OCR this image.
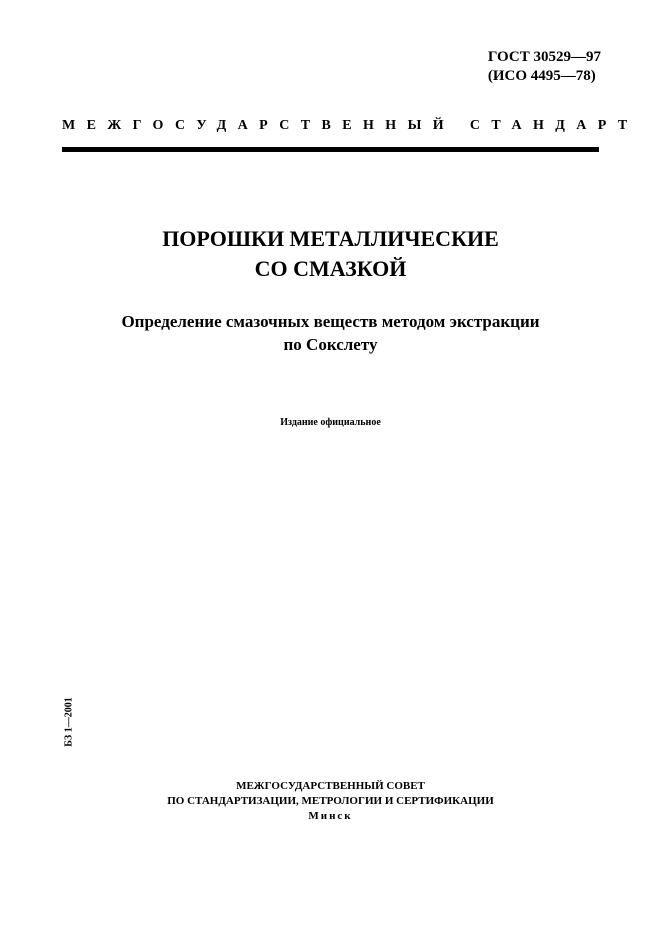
ГОСТ 30529—97
(ИСО 4495—78)
МЕЖГОСУДАРСТВЕННЫЙ СТАНДАРТ
ПОРОШКИ МЕТАЛЛИЧЕСКИЕ
СО СМАЗКОЙ
Определение смазочных веществ методом экстракции
по Сокслету
Издание официальное
БЗ 1—2001
МЕЖГОСУДАРСТВЕННЫЙ СОВЕТ
ПО СТАНДАРТИЗАЦИИ, МЕТРОЛОГИИ И СЕРТИФИКАЦИИ
Минск
